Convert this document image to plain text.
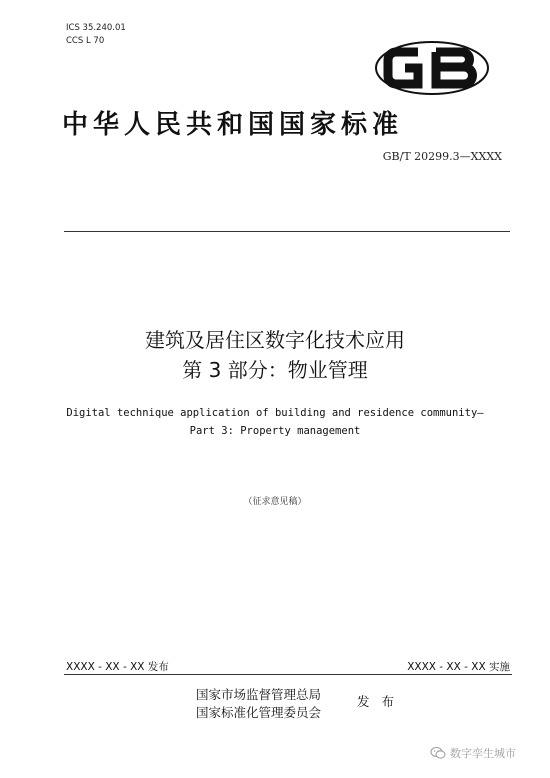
ICS 35.240.01
CCS L 70
中华人民共和国国家标准
GB/T 20299.3—XXXX
建筑及居住区数字化技术应用
第 3 部分：物业管理
Digital technique application of building and residence community—
Part 3: Property management
（征求意见稿）
XXXX - XX - XX 发布	XXXX - XX - XX 实施
国家市场监督管理总局
国家标准化管理委员会
发 布
数字孪生城市
